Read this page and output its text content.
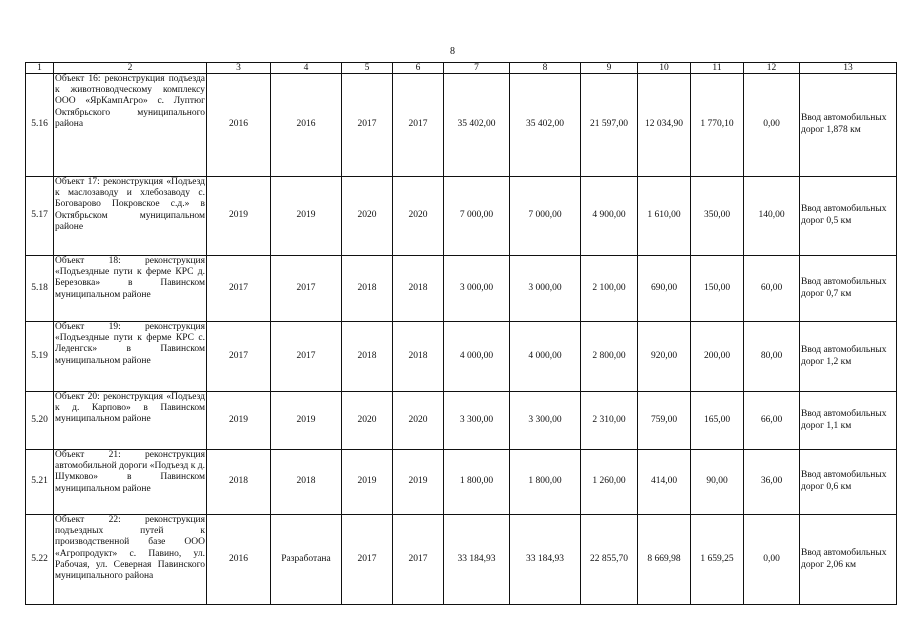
8
1	2	3	4	5	6	7	8	9	10	11	12	13
5.16	Объект 16: реконструкция подъезда к животноводческому комплексу ООО «ЯрКампАгро» с. Луптюг Октябрьского муниципального района	2016	2016	2017	2017	35 402,00	35 402,00	21 597,00	12 034,90	1 770,10	0,00	Ввод автомобильных дорог 1,878 км
5.17	Объект 17: реконструкция «Подъезд к маслозаводу и хлебозаводу с. Боговарово Покровское с.д.» в Октябрьском муниципальном районе	2019	2019	2020	2020	7 000,00	7 000,00	4 900,00	1 610,00	350,00	140,00	Ввод автомобильных дорог 0,5 км
5.18	Объект 18: реконструкция «Подъездные пути к ферме КРС д. Березовка» в Павинском муниципальном районе	2017	2017	2018	2018	3 000,00	3 000,00	2 100,00	690,00	150,00	60,00	Ввод автомобильных дорог 0,7 км
5.19	Объект 19: реконструкция «Подъездные пути к ферме КРС с. Леденгск» в Павинском муниципальном районе	2017	2017	2018	2018	4 000,00	4 000,00	2 800,00	920,00	200,00	80,00	Ввод автомобильных дорог 1,2 км
5.20	Объект 20: реконструкция «Подъезд к д. Карпово» в Павинском муниципальном районе	2019	2019	2020	2020	3 300,00	3 300,00	2 310,00	759,00	165,00	66,00	Ввод автомобильных дорог 1,1 км
5.21	Объект 21: реконструкция автомобильной дороги «Подъезд к д. Шумково» в Павинском муниципальном районе	2018	2018	2019	2019	1 800,00	1 800,00	1 260,00	414,00	90,00	36,00	Ввод автомобильных дорог 0,6 км
5.22	Объект 22: реконструкция подъездных путей к производственной базе ООО «Агропродукт» с. Павино, ул. Рабочая, ул. Северная Павинского муниципального района	2016	Разработана	2017	2017	33 184,93	33 184,93	22 855,70	8 669,98	1 659,25	0,00	Ввод автомобильных дорог 2,06 км
